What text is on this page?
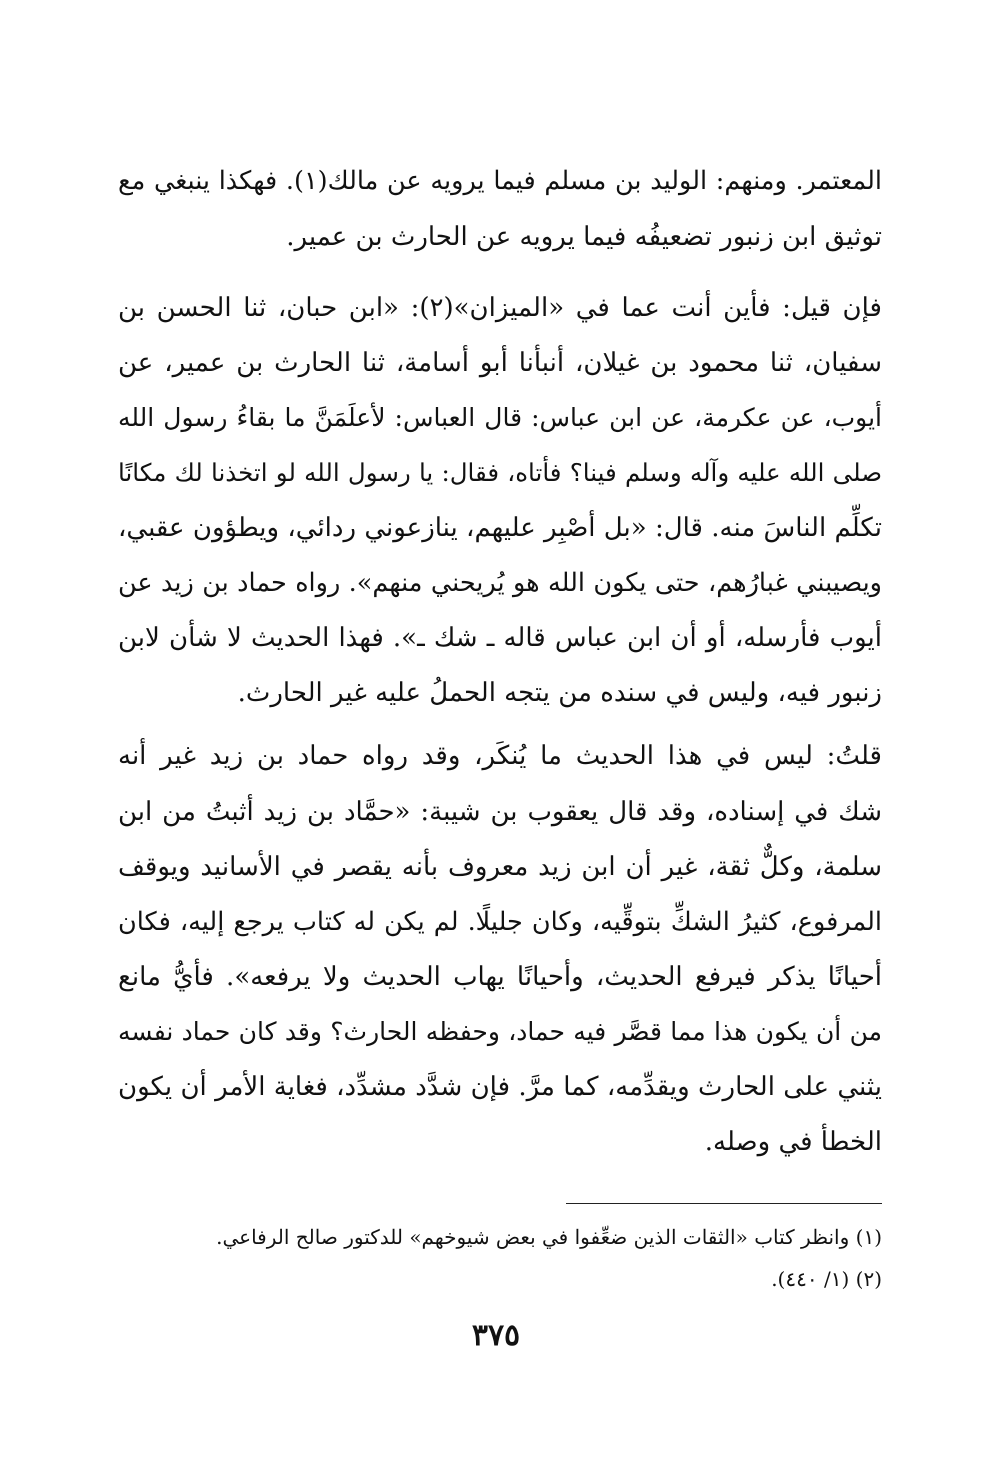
المعتمر. ومنهم: الوليد بن مسلم فيما يرويه عن مالك(١). فهكذا ينبغي مع
توثيق ابن زنبور تضعيفُه فيما يرويه عن الحارث بن عمير.
فإن قيل: فأين أنت عما في «الميزان»(٢): «ابن حبان، ثنا الحسن بن
سفيان، ثنا محمود بن غيلان، أنبأنا أبو أسامة، ثنا الحارث بن عمير، عن
أيوب، عن عكرمة، عن ابن عباس: قال العباس: لأعلَمَنَّ ما بقاءُ رسول الله
صلى الله عليه وآله وسلم فينا؟ فأتاه، فقال: يا رسول الله لو اتخذنا لك مكانًا
تكلِّم الناسَ منه. قال: «بل أصْبِر عليهم، ينازعوني ردائي، ويطؤون عقبي،
ويصيبني غبارُهم، حتى يكون الله هو يُريحني منهم». رواه حماد بن زيد عن
أيوب فأرسله، أو أن ابن عباس قاله ـ شك ـ». فهذا الحديث لا شأن لابن
زنبور فيه، وليس في سنده من يتجه الحملُ عليه غير الحارث.
قلتُ: ليس في هذا الحديث ما يُنكَر، وقد رواه حماد بن زيد غير أنه
شك في إسناده، وقد قال يعقوب بن شيبة: «حمَّاد بن زيد أثبتُ من ابن
سلمة، وكلٌّ ثقة، غير أن ابن زيد معروف بأنه يقصر في الأسانيد ويوقف
المرفوع، كثيرُ الشكِّ بتوقِّيه، وكان جليلًا. لم يكن له كتاب يرجع إليه، فكان
أحيانًا يذكر فيرفع الحديث، وأحيانًا يهاب الحديث ولا يرفعه». فأيُّ مانع
من أن يكون هذا مما قصَّر فيه حماد، وحفظه الحارث؟ وقد كان حماد نفسه
يثني على الحارث ويقدِّمه، كما مرَّ. فإن شدَّد مشدِّد، فغاية الأمر أن يكون
الخطأ في وصله.
(١) وانظر كتاب «الثقات الذين ضعِّفوا في بعض شيوخهم» للدكتور صالح الرفاعي.
(٢) (١/ ٤٤٠).
٣٧٥
